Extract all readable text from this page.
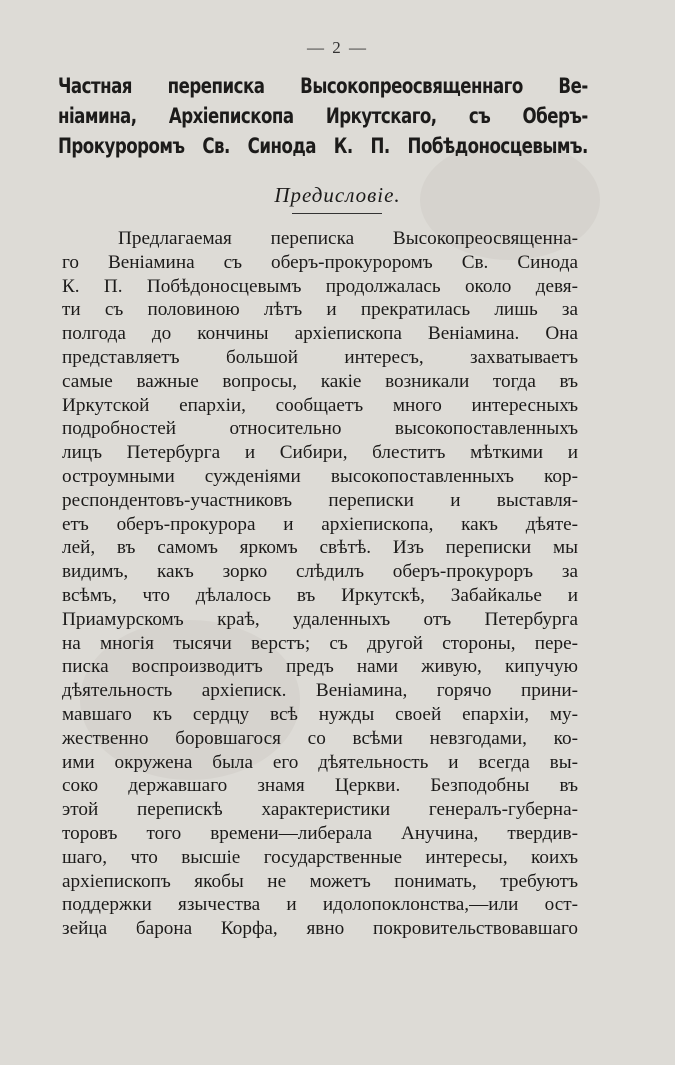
— 2 —
Частная переписка Высокопреосвященнаго Ве-
ніамина, Архіепископа Иркутскаго, съ Оберъ-
Прокуроромъ Св. Синода К. П. Побѣдоносцевымъ.
Предисловіе.
Предлагаемая переписка Высокопреосвященна-
го Веніамина съ оберъ-прокуроромъ Св. Синода
К. П. Побѣдоносцевымъ продолжалась около девя-
ти съ половиною лѣтъ и прекратилась лишь за
полгода до кончины архіепископа Веніамина. Она
представляетъ большой интересъ, захватываетъ
самые важные вопросы, какіе возникали тогда въ
Иркутской епархіи, сообщаетъ много интересныхъ
подробностей относительно высокопоставленныхъ
лицъ Петербурга и Сибири, блеститъ мѣткими и
остроумными сужденіями высокопоставленныхъ кор-
респондентовъ-участниковъ переписки и выставля-
етъ оберъ-прокурора и архіепископа, какъ дѣяте-
лей, въ самомъ яркомъ свѣтѣ. Изъ переписки мы
видимъ, какъ зорко слѣдилъ оберъ-прокуроръ за
всѣмъ, что дѣлалось въ Иркутскѣ, Забайкалье и
Приамурскомъ краѣ, удаленныхъ отъ Петербурга
на многія тысячи верстъ; съ другой стороны, пере-
писка воспроизводитъ предъ нами живую, кипучую
дѣятельность архіеписк. Веніамина, горячо прини-
мавшаго къ сердцу всѣ нужды своей епархіи, му-
жественно боровшагося со всѣми невзгодами, ко-
ими окружена была его дѣятельность и всегда вы-
соко державшаго знамя Церкви. Безподобны въ
этой перепискѣ характеристики генералъ-губерна-
торовъ того времени—либерала Анучина, твердив-
шаго, что высшіе государственные интересы, коихъ
архіепископъ якобы не можетъ понимать, требуютъ
поддержки язычества и идолопоклонства,—или ост-
зейца барона Корфа, явно покровительствовавшаго
